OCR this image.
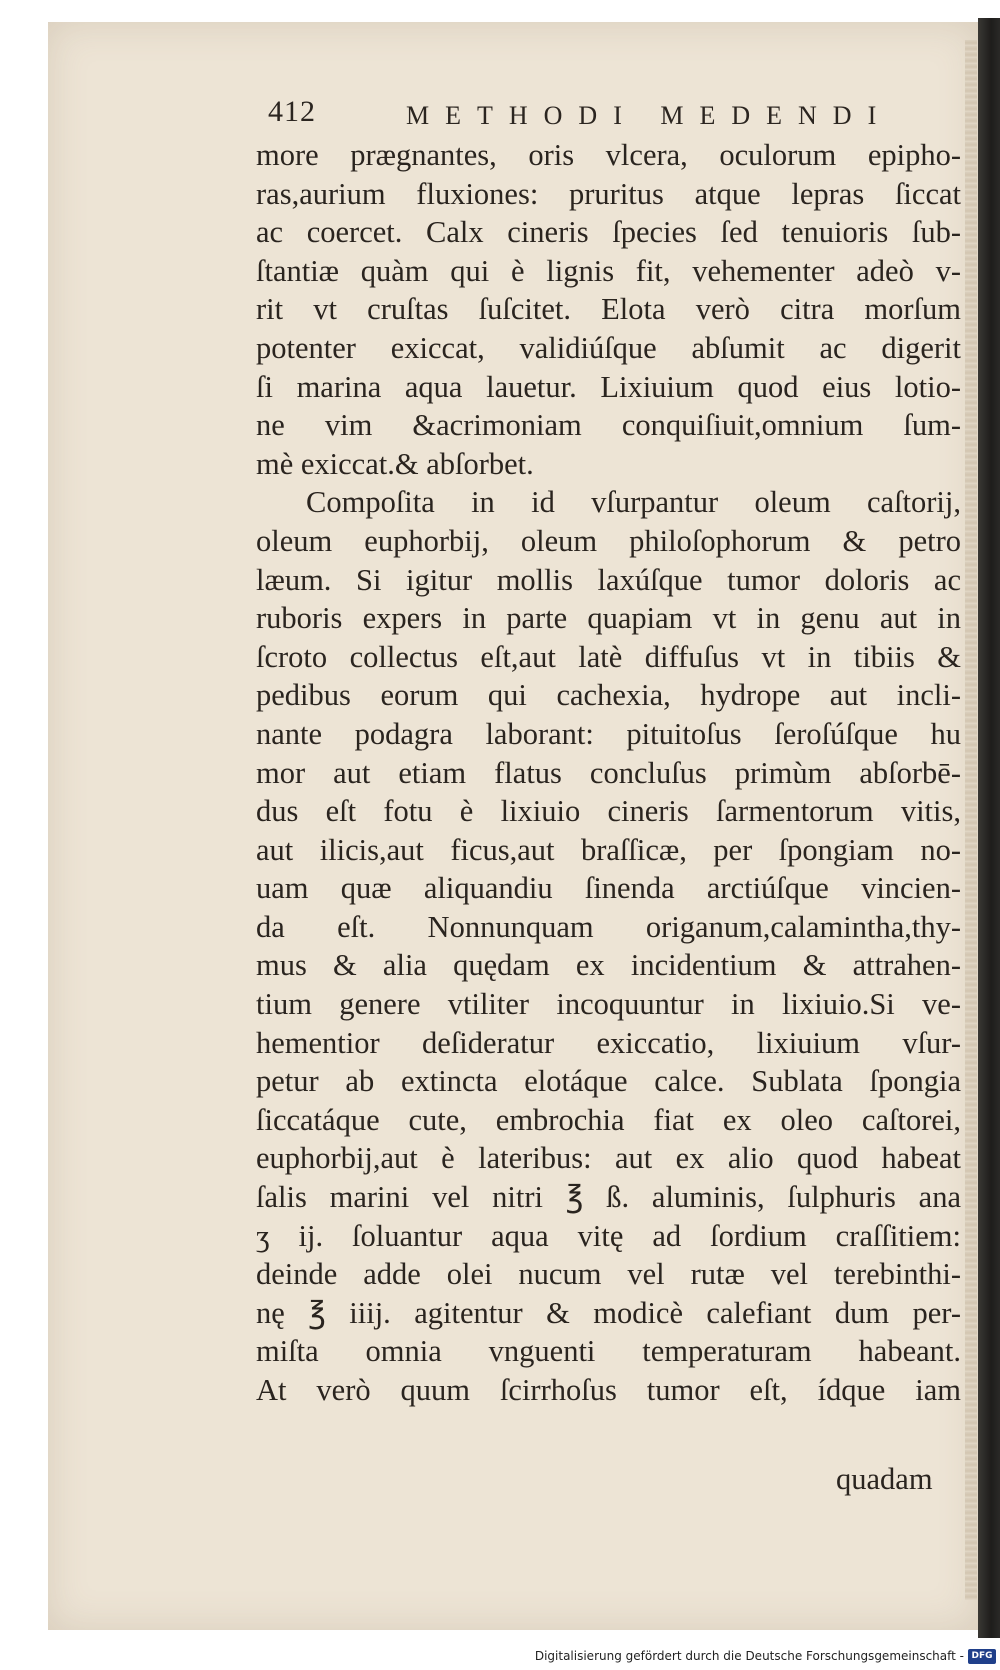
412	METHODI MEDENDI
more prægnantes, oris vlcera, oculorum epipho-
ras,aurium fluxiones: pruritus atque lepras ſiccat
ac coercet. Calx cineris ſpecies ſed tenuioris ſub-
ſtantiæ quàm qui è lignis fit, vehementer adeò v-
rit vt cruſtas ſuſcitet. Elota verò citra morſum
potenter exiccat, validiúſque abſumit ac digerit
ſi marina aqua lauetur. Lixiuium quod eius lotio-
ne vim &acrimoniam conquiſiuit,omnium ſum-
mè exiccat.& abſorbet.
Compoſita in id vſurpantur oleum caſtorij,
oleum euphorbij, oleum philoſophorum & petro
læum. Si igitur mollis laxúſque tumor doloris ac
ruboris expers in parte quapiam vt in genu aut in
ſcroto collectus eſt,aut latè diffuſus vt in tibiis &
pedibus eorum qui cachexia, hydrope aut incli-
nante podagra laborant: pituitoſus ſeroſúſque hu
mor aut etiam flatus concluſus primùm abſorbē-
dus eſt fotu è lixiuio cineris ſarmentorum vitis,
aut ilicis,aut ficus,aut braſſicæ, per ſpongiam no-
uam quæ aliquandiu ſinenda arctiúſque vincien-
da eſt. Nonnunquam origanum,calamintha,thy-
mus & alia quędam ex incidentium & attrahen-
tium genere vtiliter incoquuntur in lixiuio.Si ve-
hementior deſideratur exiccatio, lixiuium vſur-
petur ab extincta elotáque calce. Sublata ſpongia
ſiccatáque cute, embrochia fiat ex oleo caſtorei,
euphorbij,aut è lateribus: aut ex alio quod habeat
ſalis marini vel nitri ℥ ß. aluminis, ſulphuris ana
ʒ ij. ſoluantur aqua vitę ad ſordium craſſitiem:
deinde adde olei nucum vel rutæ vel terebinthi-
nę ℥ iiij. agitentur & modicè calefiant dum per-
miſta omnia vnguenti temperaturam habeant.
At verò quum ſcirrhoſus tumor eſt, ídque iam
quadam
Digitalisierung gefördert durch die Deutsche Forschungsgemeinschaft - DFG
